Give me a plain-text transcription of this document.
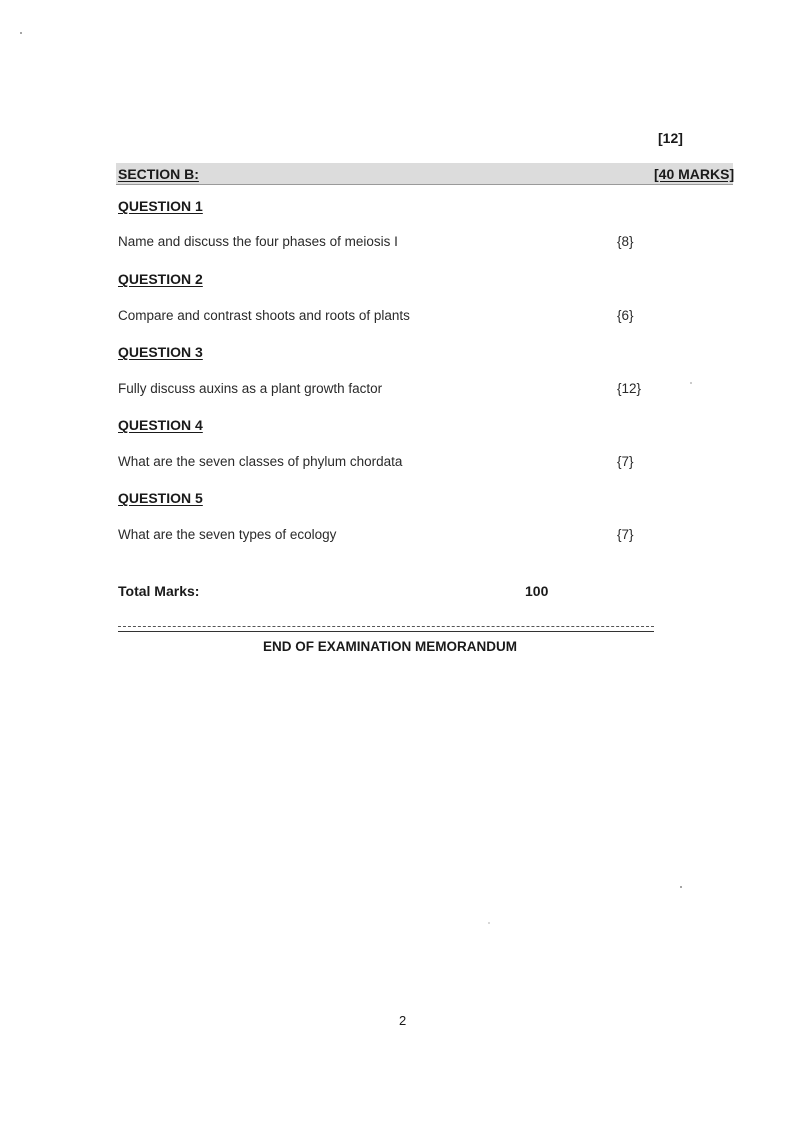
[12]
SECTION B:	[40 MARKS]
QUESTION 1
Name and discuss the four phases of meiosis I	{8}
QUESTION 2
Compare and contrast shoots and roots of plants	{6}
QUESTION 3
Fully discuss auxins as a plant growth factor	{12}
QUESTION 4
What are the seven classes of phylum chordata	{7}
QUESTION 5
What are the seven types of ecology	{7}
Total Marks:	100
END OF EXAMINATION MEMORANDUM
2
